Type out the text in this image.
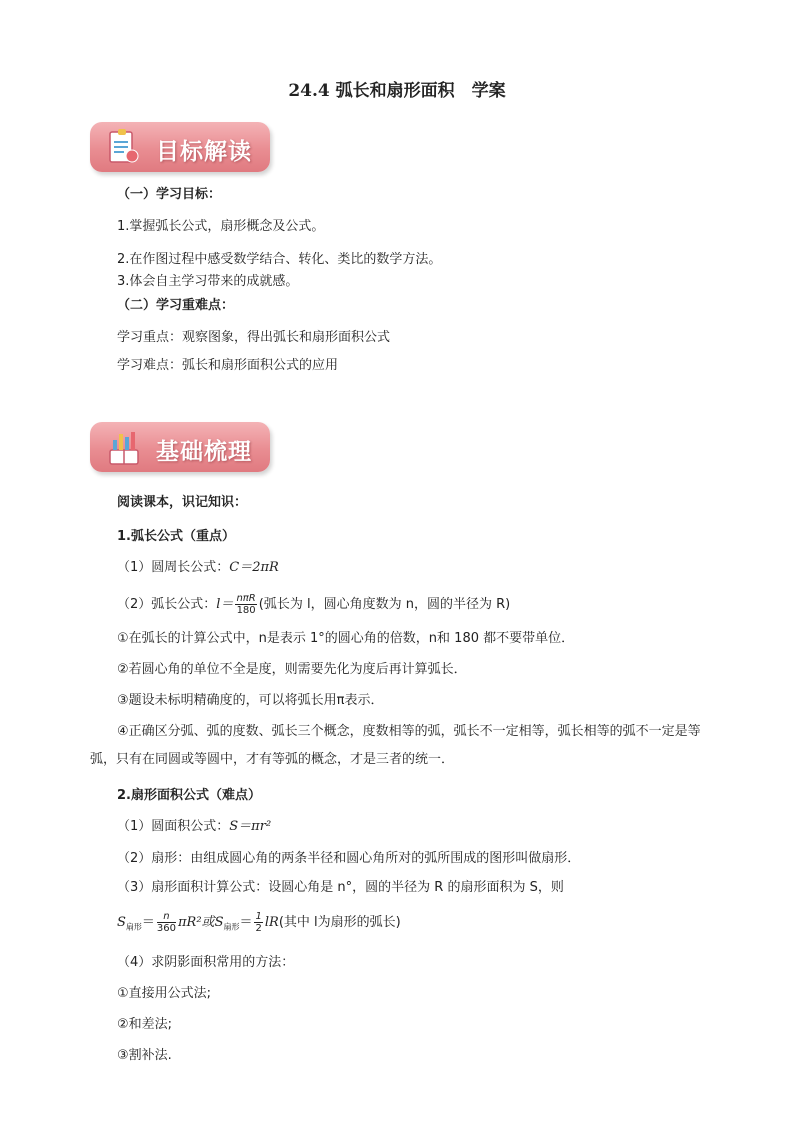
24.4 弧长和扇形面积　学案
目标解读
（一）学习目标：
1.掌握弧长公式，扇形概念及公式。
2.在作图过程中感受数学结合、转化、类比的数学方法。
3.体会自主学习带来的成就感。
（二）学习重难点：
学习重点：观察图象，得出弧长和扇形面积公式
学习难点：弧长和扇形面积公式的应用
基础梳理
阅读课本，识记知识：
1.弧长公式（重点）
（1）圆周长公式：C＝2πR
（2）弧长公式：$l= \frac{\text{nπR}}{180}$ (弧长为 l，圆心角度数为 n，圆的半径为 R)
①在弧长的计算公式中，n是表示 1°的圆心角的倍数，n和 180 都不要带单位．
②若圆心角的单位不全是度，则需要先化为度后再计算弧长．
③题设未标明精确度的，可以将弧长用π表示．
④正确区分弧、弧的度数、弧长三个概念，度数相等的弧，弧长不一定相等，弧长相等的弧不一定是等弧，只有在同圆或等圆中，才有等弧的概念，才是三者的统一．
2.扇形面积公式（难点）
（1）圆面积公式：S＝πr²
（2）扇形：由组成圆心角的两条半径和圆心角所对的弧所围成的图形叫做扇形．
（3）扇形面积计算公式：设圆心角是 n°，圆的半径为 R 的扇形面积为 S，则
$S_{扇形}= \frac{n}{360} \pi R^2$或$S_{扇形}= \frac{1}{2} lR$(其中 l为扇形的弧长)
（4）求阴影面积常用的方法：
①直接用公式法;
②和差法;
③割补法.
